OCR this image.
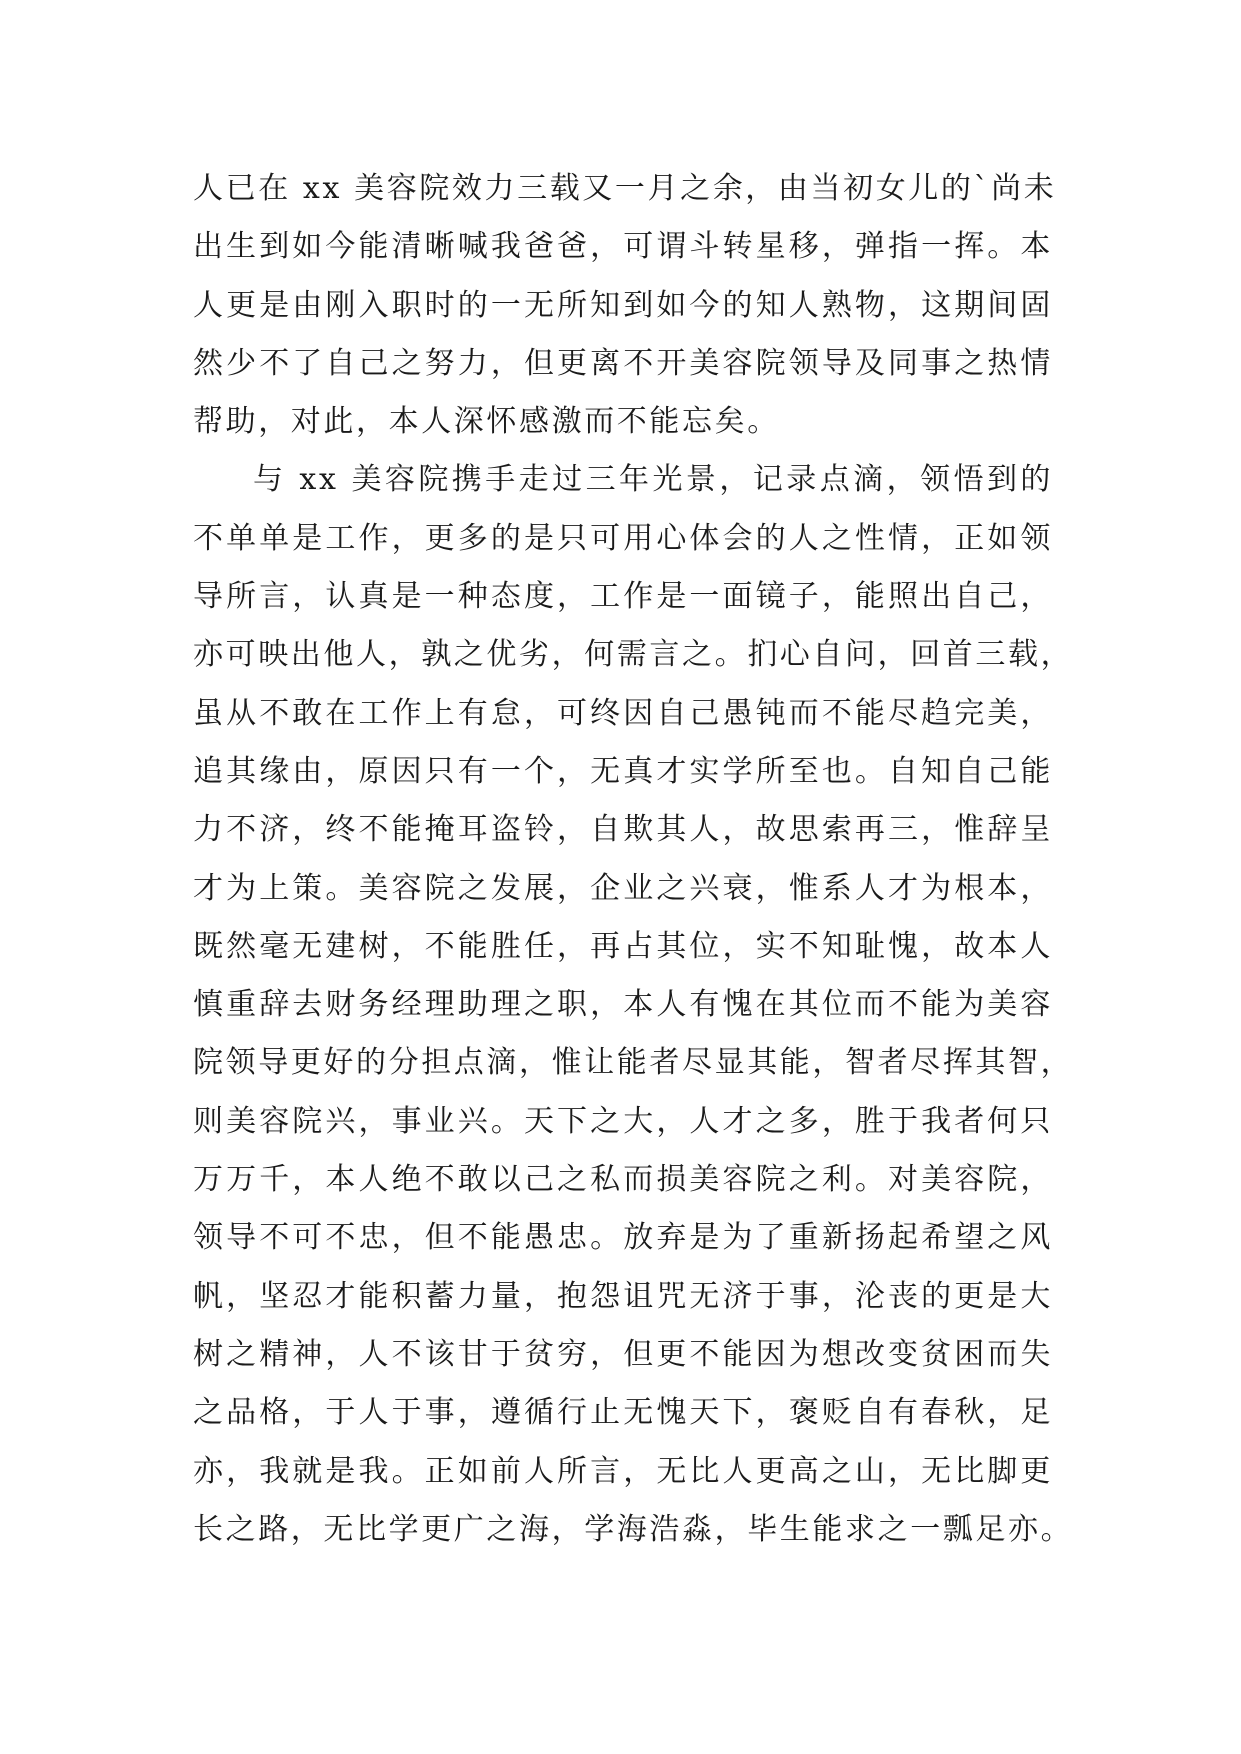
人已在 xx 美容院效力三载又一月之余，由当初女儿的`尚未
出生到如今能清晰喊我爸爸，可谓斗转星移，弹指一挥。本
人更是由刚入职时的一无所知到如今的知人熟物，这期间固
然少不了自己之努力，但更离不开美容院领导及同事之热情
帮助，对此，本人深怀感激而不能忘矣。
与 xx 美容院携手走过三年光景，记录点滴，领悟到的
不单单是工作，更多的是只可用心体会的人之性情，正如领
导所言，认真是一种态度，工作是一面镜子，能照出自己，
亦可映出他人，孰之优劣，何需言之。扪心自问，回首三载，
虽从不敢在工作上有怠，可终因自己愚钝而不能尽趋完美，
追其缘由，原因只有一个，无真才实学所至也。自知自己能
力不济，终不能掩耳盗铃，自欺其人，故思索再三，惟辞呈
才为上策。美容院之发展，企业之兴衰，惟系人才为根本，
既然毫无建树，不能胜任，再占其位，实不知耻愧，故本人
慎重辞去财务经理助理之职，本人有愧在其位而不能为美容
院领导更好的分担点滴，惟让能者尽显其能，智者尽挥其智，
则美容院兴，事业兴。天下之大，人才之多，胜于我者何只
万万千，本人绝不敢以己之私而损美容院之利。对美容院，
领导不可不忠，但不能愚忠。放弃是为了重新扬起希望之风
帆，坚忍才能积蓄力量，抱怨诅咒无济于事，沦丧的更是大
树之精神，人不该甘于贫穷，但更不能因为想改变贫困而失
之品格，于人于事，遵循行止无愧天下，褒贬自有春秋，足
亦，我就是我。正如前人所言，无比人更高之山，无比脚更
长之路，无比学更广之海，学海浩淼，毕生能求之一瓢足亦。
